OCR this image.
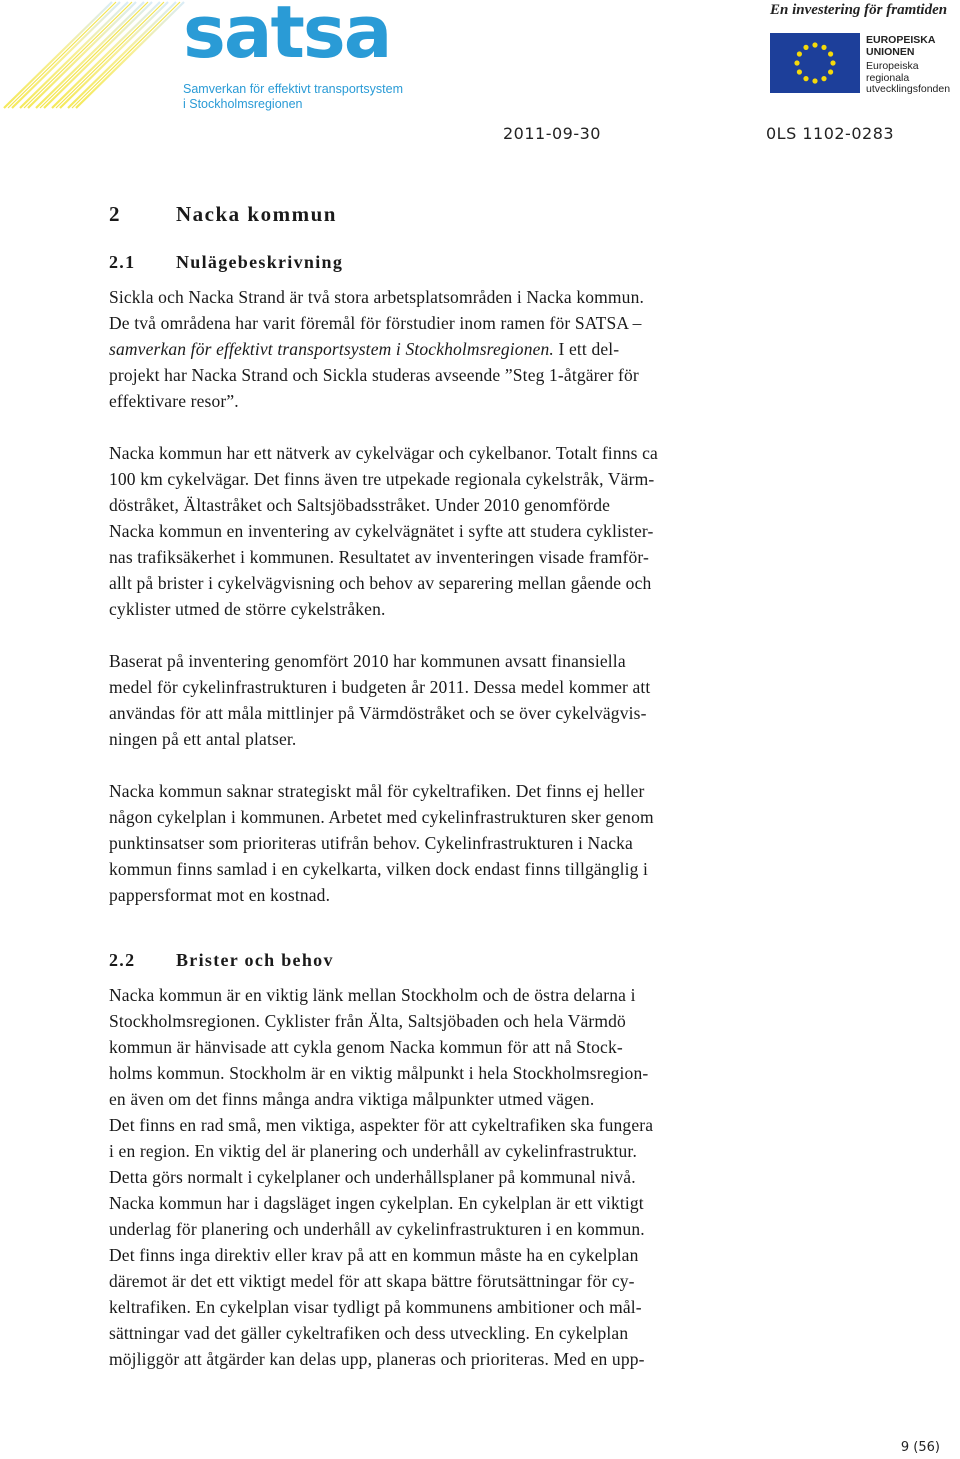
satsa
Samverkan för effektivt transportsystem
i Stockholmsregionen
En investering för framtiden
EUROPEISKA
UNIONEN
Europeiska
regionala
utvecklingsfonden
2011-09-30	0LS 1102-0283
2	Nacka kommun
2.1 Nulägebeskrivning
Sickla och Nacka Strand är två stora arbetsplatsområden i Nacka kommun.
De två områdena har varit föremål för förstudier inom ramen för SATSA –
samverkan för effektivt transportsystem i Stockholmsregionen. I ett del-
projekt har Nacka Strand och Sickla studeras avseende ”Steg 1-åtgärer för
effektivare resor”.
Nacka kommun har ett nätverk av cykelvägar och cykelbanor. Totalt finns ca
100 km cykelvägar. Det finns även tre utpekade regionala cykelstråk, Värm-
döstråket, Ältastråket och Saltsjöbadsstråket. Under 2010 genomförde
Nacka kommun en inventering av cykelvägnätet i syfte att studera cyklister-
nas trafiksäkerhet i kommunen. Resultatet av inventeringen visade framför-
allt på brister i cykelvägvisning och behov av separering mellan gående och
cyklister utmed de större cykelstråken.
Baserat på inventering genomfört 2010 har kommunen avsatt finansiella
medel för cykelinfrastrukturen i budgeten år 2011. Dessa medel kommer att
användas för att måla mittlinjer på Värmdöstråket och se över cykelvägvis-
ningen på ett antal platser.
Nacka kommun saknar strategiskt mål för cykeltrafiken. Det finns ej heller
någon cykelplan i kommunen. Arbetet med cykelinfrastrukturen sker genom
punktinsatser som prioriteras utifrån behov. Cykelinfrastrukturen i Nacka
kommun finns samlad i en cykelkarta, vilken dock endast finns tillgänglig i
pappersformat mot en kostnad.
2.2 Brister och behov
Nacka kommun är en viktig länk mellan Stockholm och de östra delarna i
Stockholmsregionen. Cyklister från Älta, Saltsjöbaden och hela Värmdö
kommun är hänvisade att cykla genom Nacka kommun för att nå Stock-
holms kommun. Stockholm är en viktig målpunkt i hela Stockholmsregion-
en även om det finns många andra viktiga målpunkter utmed vägen.
Det finns en rad små, men viktiga, aspekter för att cykeltrafiken ska fungera
i en region. En viktig del är planering och underhåll av cykelinfrastruktur.
Detta görs normalt i cykelplaner och underhållsplaner på kommunal nivå.
Nacka kommun har i dagsläget ingen cykelplan. En cykelplan är ett viktigt
underlag för planering och underhåll av cykelinfrastrukturen i en kommun.
Det finns inga direktiv eller krav på att en kommun måste ha en cykelplan
däremot är det ett viktigt medel för att skapa bättre förutsättningar för cy-
keltrafiken. En cykelplan visar tydligt på kommunens ambitioner och mål-
sättningar vad det gäller cykeltrafiken och dess utveckling. En cykelplan
möjliggör att åtgärder kan delas upp, planeras och prioriteras. Med en upp-
9 (56)
